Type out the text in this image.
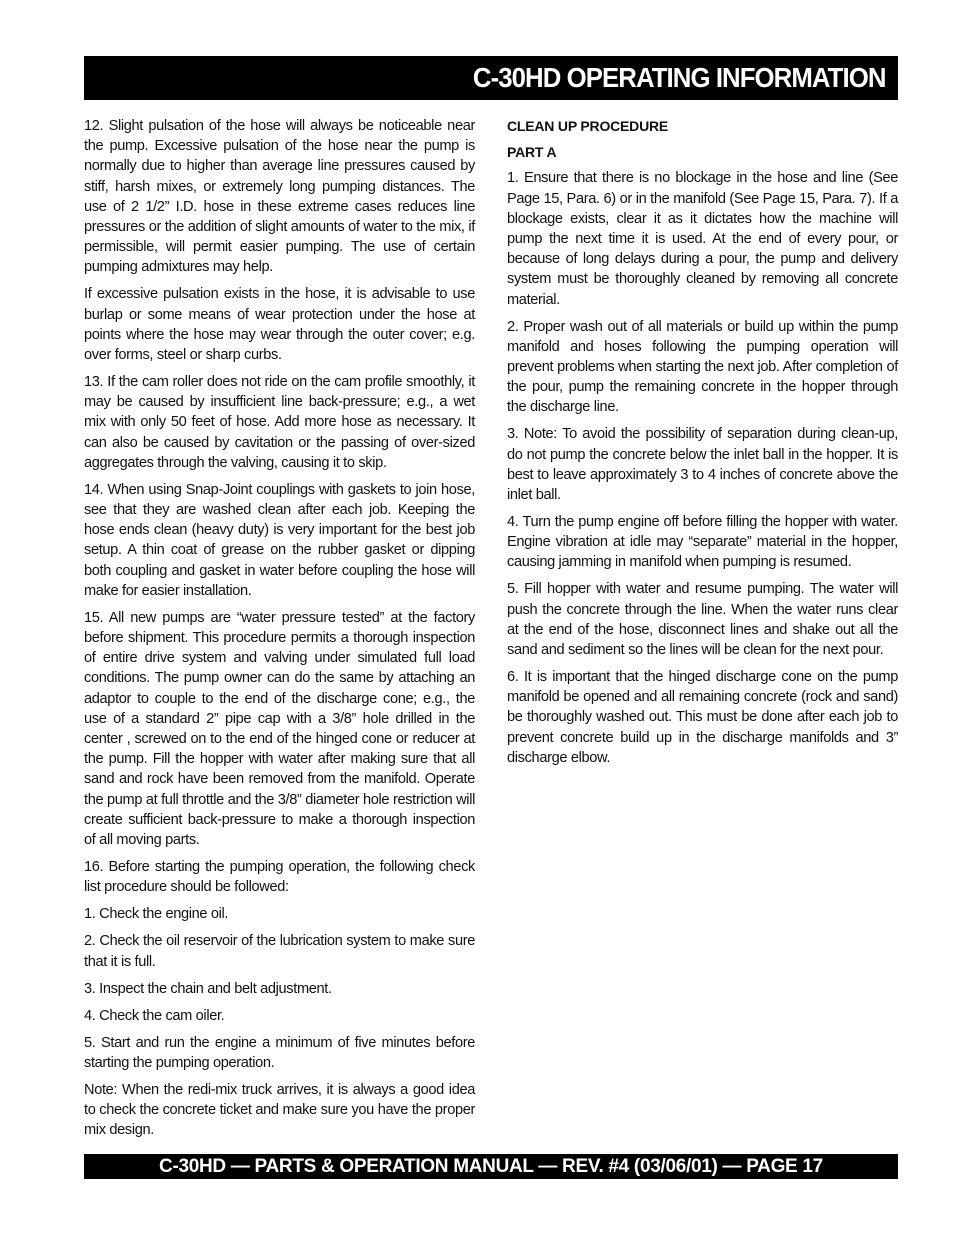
C-30HD OPERATING INFORMATION

12. Slight pulsation of the hose will always be noticeable near the pump. Excessive pulsation of the hose near the pump is normally due to higher than average line pressures caused by stiff, harsh mixes, or extremely long pumping distances. The use of 2 1/2” I.D. hose in these extreme cases reduces line pressures or the addition of slight amounts of water to the mix, if permissible, will permit easier pumping. The use of certain pumping admixtures may help.

If excessive pulsation exists in the hose, it is advisable to use burlap or some means of wear protection under the hose at points where the hose may wear through the outer cover; e.g. over forms, steel or sharp curbs.

13. If the cam roller does not ride on the cam profile smoothly, it may be caused by insufficient line back-pressure; e.g., a wet mix with only 50 feet of hose. Add more hose as necessary. It can also be caused by cavitation or the passing of over-sized aggregates through the valving, causing it to skip.

14. When using Snap-Joint couplings with gaskets to join hose, see that they are washed clean after each job. Keeping the hose ends clean (heavy duty) is very important for the best job setup. A thin coat of grease on the rubber gasket or dipping both coupling and gasket in water before coupling the hose will make for easier installation.

15. All new pumps are “water pressure tested” at the factory before shipment. This procedure permits a thorough inspection of entire drive system and valving under simulated full load conditions. The pump owner can do the same by attaching an adaptor to couple to the end of the discharge cone; e.g., the use of a standard 2” pipe cap with a 3/8” hole drilled in the center , screwed on to the end of the hinged cone or reducer at the pump. Fill the hopper with water after making sure that all sand and rock have been removed from the manifold. Operate the pump at full throttle and the 3/8” diameter hole restriction will create sufficient back-pressure to make a thorough inspection of all moving parts.

16. Before starting the pumping operation, the following check list procedure should be followed:

1. Check the engine oil.

2. Check the oil reservoir of the lubrication system to make sure that it is full.

3. Inspect the chain and belt adjustment.

4. Check the cam oiler.

5. Start and run the engine a minimum of five minutes before starting the pumping operation.

Note: When the redi-mix truck arrives, it is always a good idea to check the concrete ticket and make sure you have the proper mix design.

CLEAN UP PROCEDURE

PART A

1. Ensure that there is no blockage in the hose and line (See Page 15, Para. 6) or in the manifold (See Page 15, Para. 7). If a blockage exists, clear it as it dictates how the machine will pump the next time it is used. At the end of every pour, or because of long delays during a pour, the pump and delivery system must be thoroughly cleaned by removing all concrete material.

2. Proper wash out of all materials or build up within the pump manifold and hoses following the pumping operation will prevent problems when starting the next job. After completion of the pour, pump the remaining concrete in the hopper through the discharge line.

3. Note: To avoid the possibility of separation during clean-up, do not pump the concrete below the inlet ball in the hopper. It is best to leave approximately 3 to 4 inches of concrete above the inlet ball.

4. Turn the pump engine off before filling the hopper with water. Engine vibration at idle may “separate” material in the hopper, causing jamming in manifold when pumping is resumed.

5. Fill hopper with water and resume pumping. The water will push the concrete through the line. When the water runs clear at the end of the hose, disconnect lines and shake out all the sand and sediment so the lines will be clean for the next pour.

6. It is important that the hinged discharge cone on the pump manifold be opened and all remaining concrete (rock and sand) be thoroughly washed out. This must be done after each job to prevent concrete build up in the discharge manifolds and 3” discharge elbow.

C-30HD — PARTS & OPERATION MANUAL — REV. #4 (03/06/01) — PAGE 17
